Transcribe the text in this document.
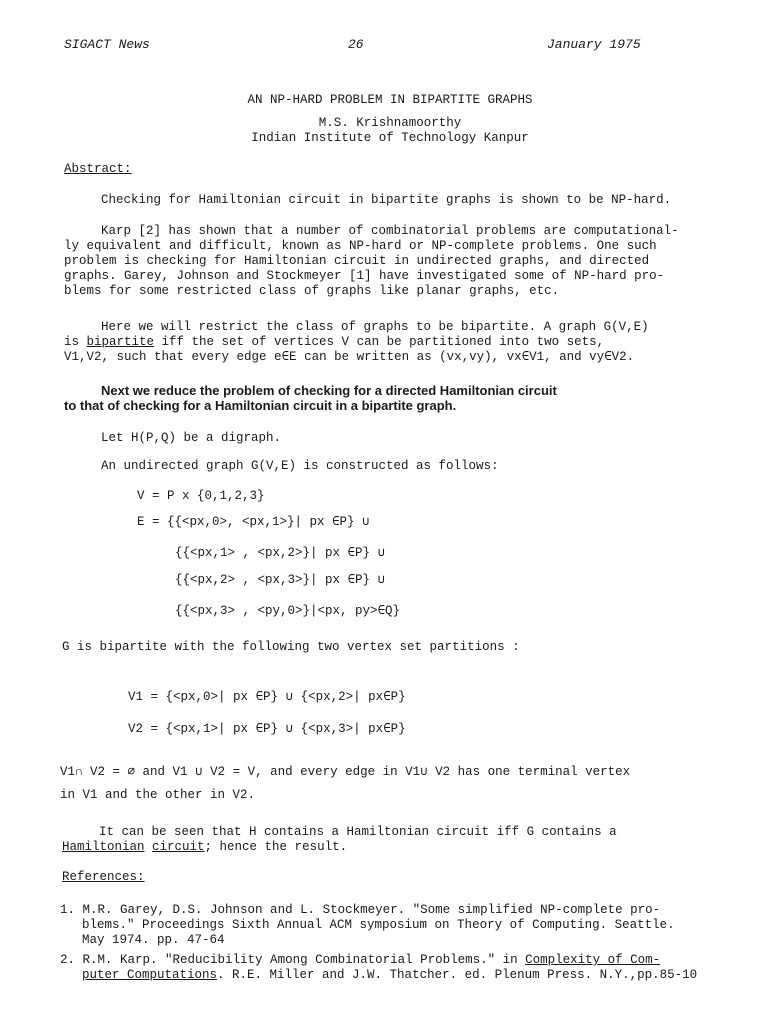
SIGACT News	26	January 1975
AN NP-HARD PROBLEM IN BIPARTITE GRAPHS
M.S. Krishnamoorthy
Indian Institute of Technology Kanpur
Abstract:
Checking for Hamiltonian circuit in bipartite graphs is shown to be NP-hard.
Karp [2] has shown that a number of combinatorial problems are computational-
ly equivalent and difficult, known as NP-hard or NP-complete problems. One such
problem is checking for Hamiltonian circuit in undirected graphs, and directed
graphs. Garey, Johnson and Stockmeyer [1] have investigated some of NP-hard pro-
blems for some restricted class of graphs like planar graphs, etc.
Here we will restrict the class of graphs to be bipartite. A graph G(V,E)
is bipartite iff the set of vertices V can be partitioned into two sets,
V1,V2, such that every edge e∈E can be written as (vx,vy), vx∈V1, and vy∈V2.
Next we reduce the problem of checking for a directed Hamiltonian circuit
to that of checking for a Hamiltonian circuit in a bipartite graph.
Let H(P,Q) be a digraph.
An undirected graph G(V,E) is constructed as follows:
V = P x {0,1,2,3}
E = {{<px,0>, <px,1>}| px ∈P} ∪
{{<px,1> , <px,2>}| px ∈P} ∪
{{<px,2> , <px,3>}| px ∈P} ∪
{{<px,3> , <py,0>}|<px, py>∈Q}
G is bipartite with the following two vertex set partitions :
V1 = {<px,0>| px ∈P} ∪ {<px,2>| px∈P}
V2 = {<px,1>| px ∈P} ∪ {<px,3>| px∈P}
V1∩ V2 = ∅ and V1 ∪ V2 = V, and every edge in V1∪ V2 has one terminal vertex
in V1 and the other in V2.
It can be seen that H contains a Hamiltonian circuit iff G contains a
Hamiltonian circuit; hence the result.
References:
1. M.R. Garey, D.S. Johnson and L. Stockmeyer. "Some simplified NP-complete pro-
blems." Proceedings Sixth Annual ACM symposium on Theory of Computing. Seattle.
May 1974. pp. 47-64
2. R.M. Karp. "Reducibility Among Combinatorial Problems." in Complexity of Com-
puter Computations. R.E. Miller and J.W. Thatcher. ed. Plenum Press. N.Y.,pp.85-10
